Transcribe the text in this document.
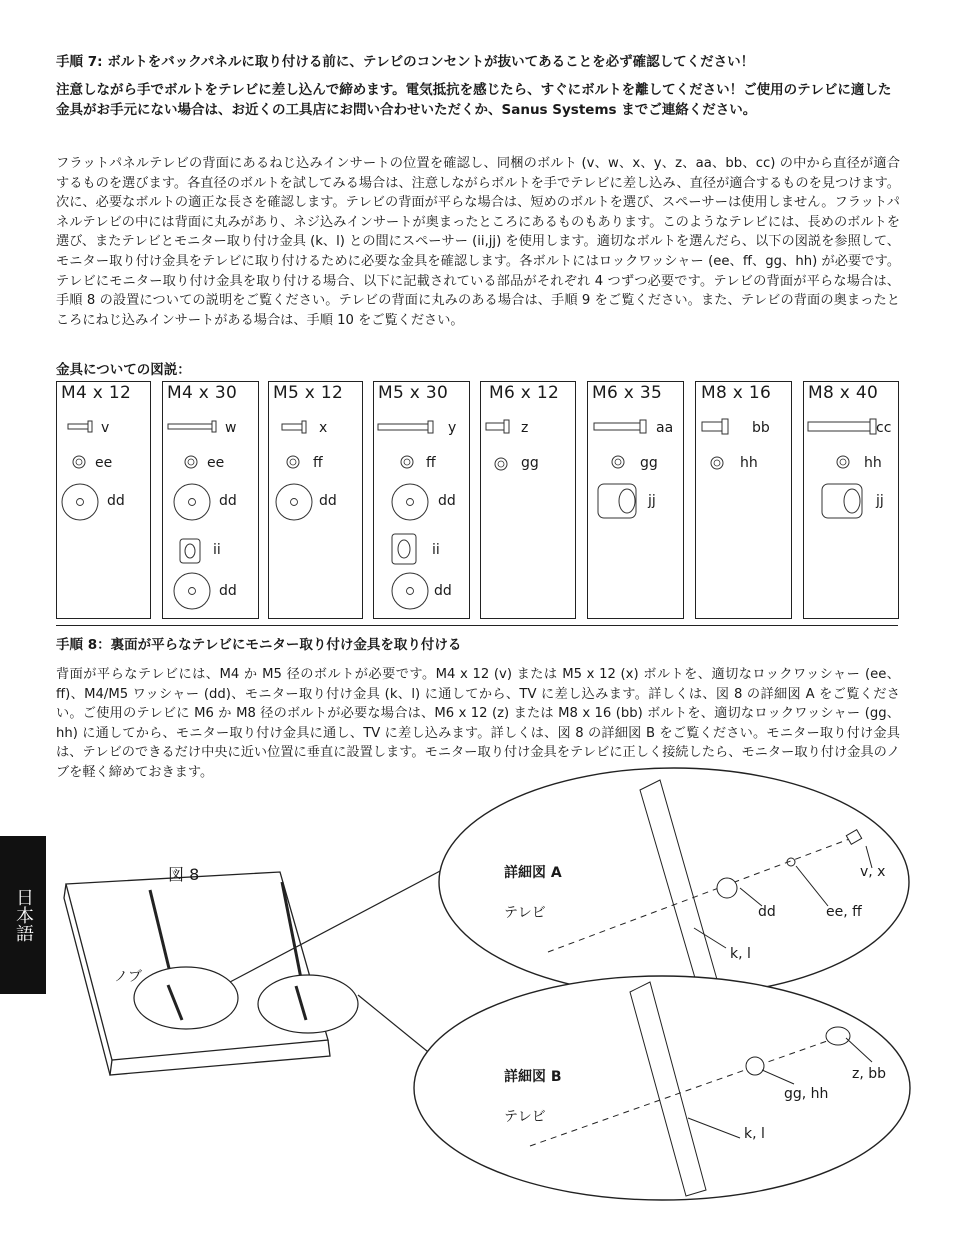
手順 7: ボルトをバックパネルに取り付ける前に、テレビのコンセントが抜いてあることを必ず確認してください！
注意しながら手でボルトをテレビに差し込んで締めます。電気抵抗を感じたら、すぐにボルトを離してください！ご使用のテレビに適した金具がお手元にない場合は、お近くの工具店にお問い合わせいただくか、Sanus Systems までご連絡ください。
フラットパネルテレビの背面にあるねじ込みインサートの位置を確認し、同梱のボルト (v、w、x、y、z、aa、bb、cc) の中から直径が適合するものを選びます。各直径のボルトを試してみる場合は、注意しながらボルトを手でテレビに差し込み、直径が適合するものを見つけます。次に、必要なボルトの適正な長さを確認します。テレビの背面が平らな場合は、短めのボルトを選び、スペーサーは使用しません。フラットパネルテレビの中には背面に丸みがあり、ネジ込みインサートが奥まったところにあるものもあります。このようなテレビには、長めのボルトを選び、またテレビとモニター取り付け金具 (k、l) との間にスペーサー (ii,jj) を使用します。適切なボルトを選んだら、以下の図説を参照して、モニター取り付け金具をテレビに取り付けるために必要な金具を確認します。各ボルトにはロックワッシャー (ee、ff、gg、hh) が必要です。テレビにモニター取り付け金具を取り付ける場合、以下に記載されている部品がそれぞれ 4 つずつ必要です。テレビの背面が平らな場合は、手順 8 の設置についての説明をご覧ください。テレビの背面に丸みのある場合は、手順 9 をご覧ください。また、テレビの背面の奥まったところにねじ込みインサートがある場合は、手順 10 をご覧ください。
金具についての図説：
M4 x 12
v
ee
dd
M4 x 30
w
ee
dd
ii
dd
M5 x 12
x
ff
dd
M5 x 30
y
ff
dd
ii
dd
M6 x 12
z
gg
M6 x 35
aa
gg
jj
M8 x 16
bb
hh
M8 x 40
cc
hh
jj
手順 8：裏面が平らなテレビにモニター取り付け金具を取り付ける
背面が平らなテレビには、M4 か M5 径のボルトが必要です。M4 x 12 (v) または M5 x 12 (x) ボルトを、適切なロックワッシャー (ee、ff)、M4/M5 ワッシャー (dd)、モニター取り付け金具 (k、l) に通してから、TV に差し込みます。詳しくは、図 8 の詳細図 A をご覧ください。ご使用のテレビに M6 か M8 径のボルトが必要な場合は、M6 x 12 (z) または M8 x 16 (bb) ボルトを、適切なロックワッシャー (gg、hh) に通してから、モニター取り付け金具に通し、TV に差し込みます。詳しくは、図 8 の詳細図 B をご覧ください。モニター取り付け金具は、テレビのできるだけ中央に近い位置に垂直に設置します。モニター取り付け金具をテレビに正しく接続したら、モニター取り付け金具のノブを軽く締めておきます。
図 8
ノブ
詳細図 A
テレビ
v, x
ee, ff
dd
k, l
詳細図 B
テレビ
z, bb
gg, hh
k, l
日本語
